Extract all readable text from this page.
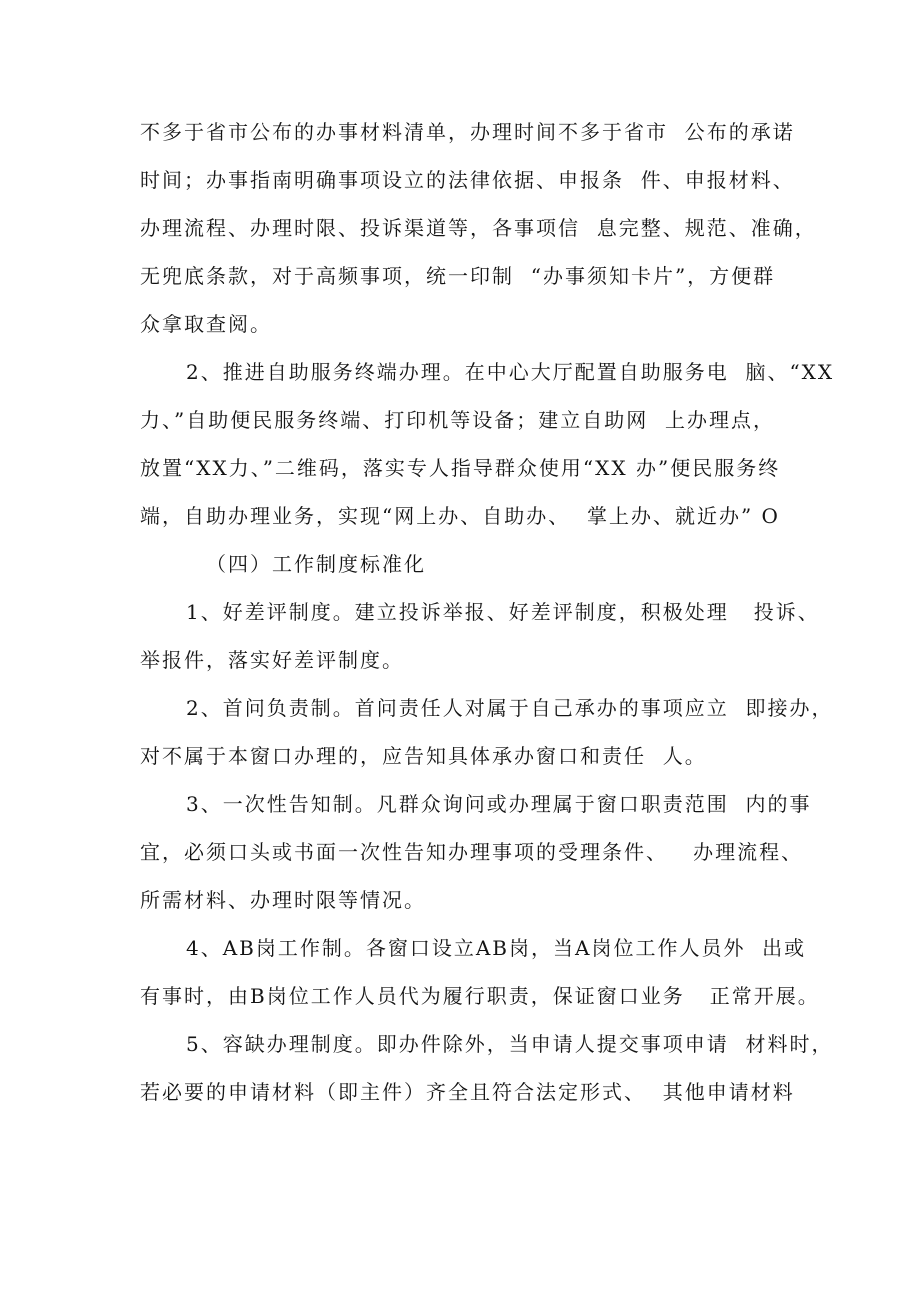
不多于省市公布的办事材料清单，办理时间不多于省市  公布的承诺
时间；办事指南明确事项设立的法律依据、申报条  件、申报材料、
办理流程、办理时限、投诉渠道等，各事项信  息完整、规范、准确，
无兜底条款，对于高频事项，统一印制  “办事须知卡片”，方便群
众拿取查阅。
2、推进自助服务终端办理。在中心大厅配置自助服务电  脑、“XX
力、”自助便民服务终端、打印机等设备；建立自助网  上办理点，
放置“XX力、”二维码，落实专人指导群众使用“XX 办”便民服务终
端，自助办理业务，实现“网上办、自助办、  掌上办、就近办” O
（四）工作制度标准化
1、好差评制度。建立投诉举报、好差评制度，积极处理   投诉、
举报件，落实好差评制度。
2、首问负责制。首问责任人对属于自己承办的事项应立  即接办，
对不属于本窗口办理的，应告知具体承办窗口和责任  人。
3、一次性告知制。凡群众询问或办理属于窗口职责范围  内的事
宜，必须口头或书面一次性告知办理事项的受理条件、   办理流程、
所需材料、办理时限等情况。
4、AB岗工作制。各窗口设立AB岗，当A岗位工作人员外  出或
有事时，由B岗位工作人员代为履行职责，保证窗口业务   正常开展。
5、容缺办理制度。即办件除外，当申请人提交事项申请  材料时，
若必要的申请材料（即主件）齐全且符合法定形式、  其他申请材料
